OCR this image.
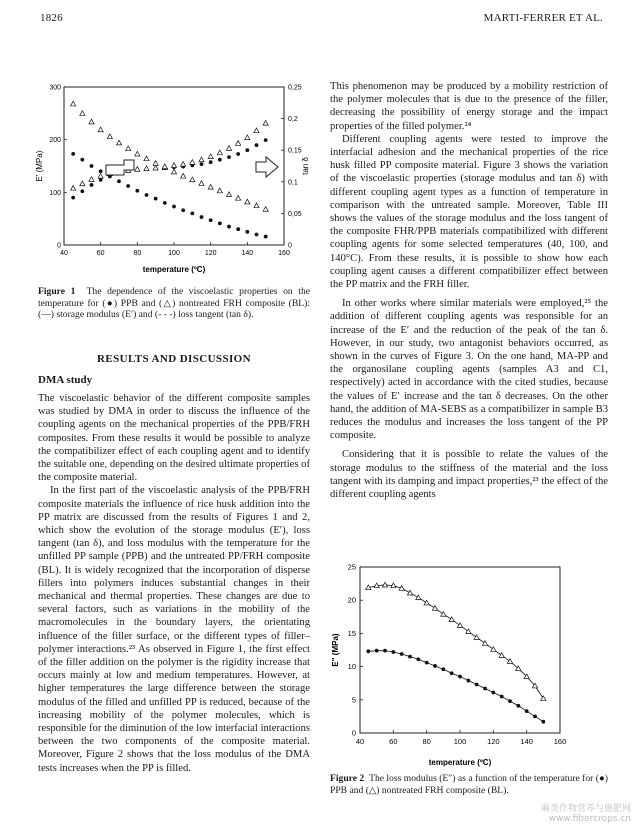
1826	MARTI-FERRER ET AL.
40	60	80	100	120	140	160
0
100
200
300
0
0,05
0,1
0,15
0,2
0,25
E' (MPa)	tan δ
temperature (ºC)
Figure 1 The dependence of the viscoelastic properties on the temperature for (●) PPB and (△) nontreated FRH composite (BL): (—) storage modulus (E′) and (- - -) loss tangent (tan δ).
RESULTS AND DISCUSSION
DMA study

The viscoelastic behavior of the different composite samples was studied by DMA in order to discuss the influence of the coupling agents on the mechanical properties of the PPB/FRH composites. From these results it would be possible to analyze the compatibilizer effect of each coupling agent and to identify the suitable one, depending on the desired ultimate properties of the composite material.

In the first part of the viscoelastic analysis of the PPB/FRH composite materials the influence of rice husk addition into the PP matrix are discussed from the results of Figures 1 and 2, which show the evolution of the storage modulus (E′), loss tangent (tan δ), and loss modulus with the temperature for the unfilled PP sample (PPB) and the untreated PP/FRH composite (BL). It is widely recognized that the incorporation of disperse fillers into polymers induces substantial changes in their mechanical and thermal properties. These changes are due to several factors, such as variations in the mobility of the macromolecules in the boundary layers, the orientating influence of the filler surface, or the different types of filler–polymer interactions.²³ As observed in Figure 1, the first effect of the filler addition on the polymer is the rigidity increase that occurs mainly at low and medium temperatures. However, at higher temperatures the large difference between the storage modulus of the filled and unfilled PP is reduced, because of the increasing mobility of the polymer molecules, which is responsible for the diminution of the low interfacial interactions between the two components of the composite material. Moreover, Figure 2 shows that the loss modulus of the DMA tests increases when the PP is filled.

This phenomenon may be produced by a mobility restriction of the polymer molecules that is due to the presence of the filler, decreasing the possibility of energy storage and the impact properties of the filled polymer.²⁴

Different coupling agents were tested to improve the interfacial adhesion and the mechanical properties of the rice husk filled PP composite material. Figure 3 shows the variation of the viscoelastic properties (storage modulus and tan δ) with different coupling agent types as a function of temperature in comparison with the untreated sample. Moreover, Table III shows the values of the storage modulus and the loss tangent of the composite FHR/PPB materials compatibilized with different coupling agents for some selected temperatures (40, 100, and 140°C). From these results, it is possible to show how each coupling agent causes a different compatibilizer effect between the PP matrix and the FRH filler.

In other works where similar materials were employed,²⁵ the addition of different coupling agents was responsible for an increase of the E′ and the reduction of the peak of the tan δ. However, in our study, two antagonist behaviors occurred, as shown in the curves of Figure 3. On the one hand, MA-PP and the organosilane coupling agents (samples A3 and C1, respectively) acted in accordance with the cited studies, because the values of E′ increase and the tan δ decreases. On the other hand, the addition of MA-SEBS as a compatibilizer in sample B3 reduces the modulus and increases the loss tangent of the PP composite.

Considering that it is possible to relate the values of the storage modulus to the stiffness of the material and the loss tangent with its damping and impact properties,²³ the effect of the different coupling agents

40	60	80	100	120	140	160
0
5
10
15
20
25
E" (MPa)
temperature (ºC)
Figure 2 The loss modulus (E″) as a function of the temperature for (●) PPB and (△) nontreated FRH composite (BL).
麻类作物营养与施肥网
www.fibercrops.cn
